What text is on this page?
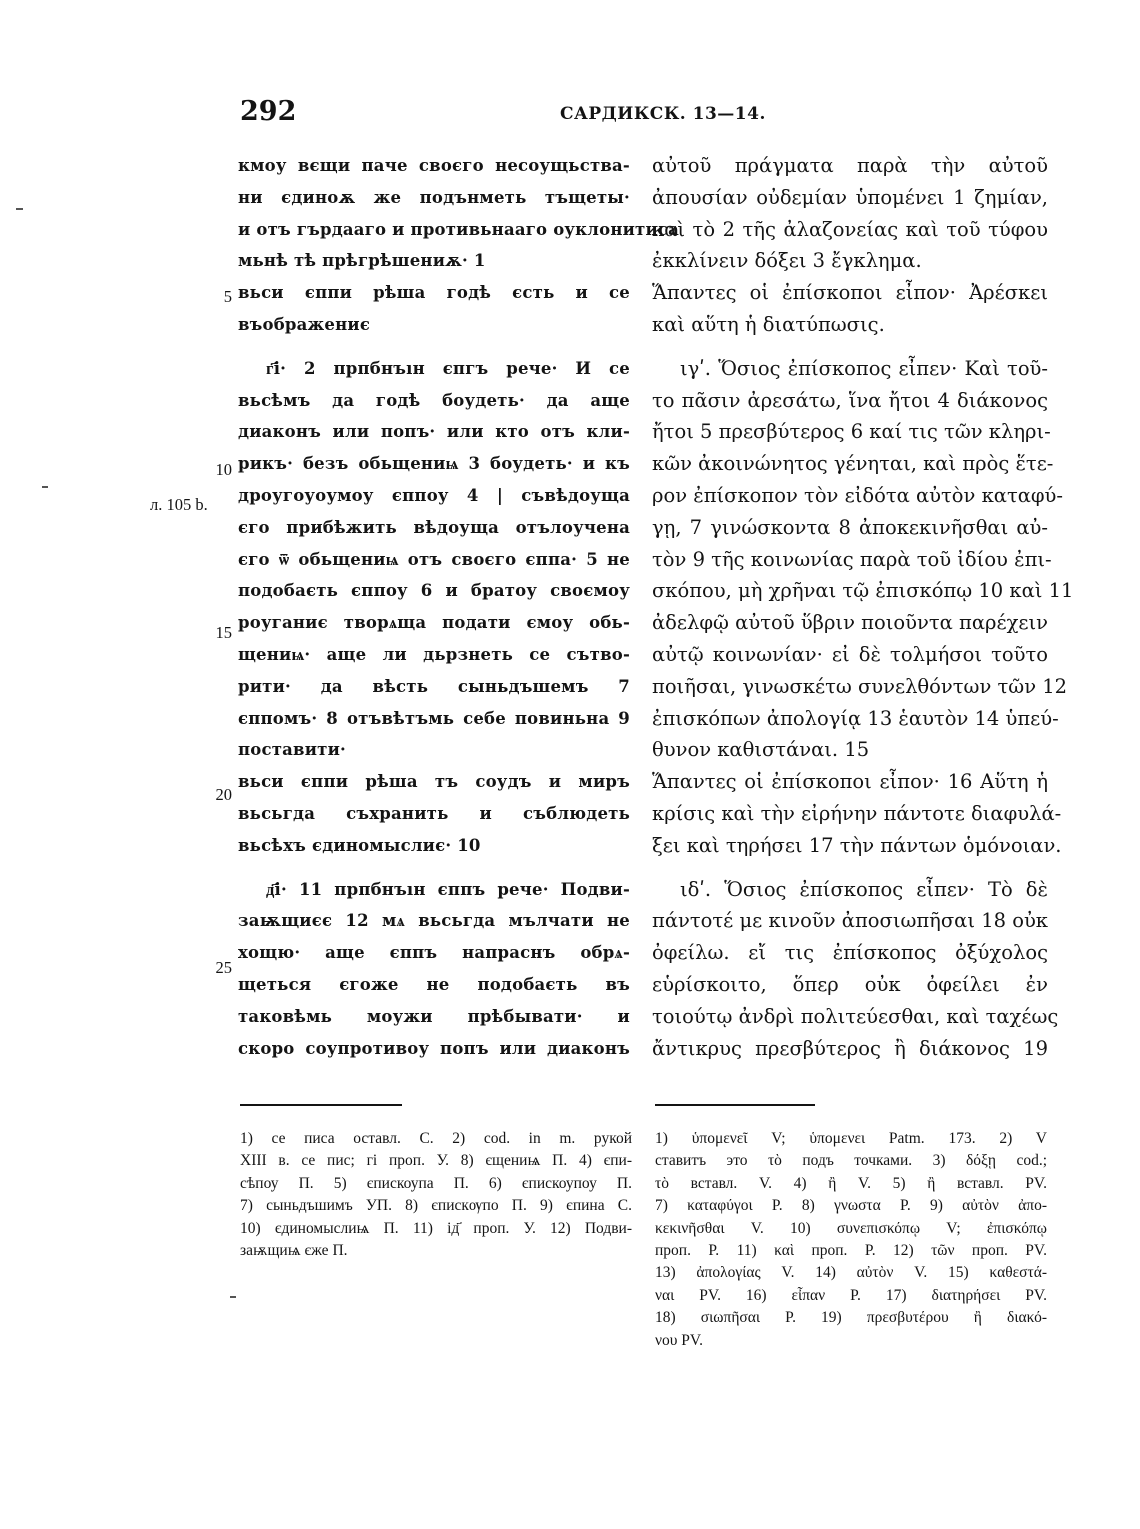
292	САРДИКСК. 13—14.
5
10
15
20
25
л. 105 b.
кмоу вєщи паче своєго несоущьства-
ни єдиноѫ же подънметь тъщеты·
и отъ гърдааго и противьнааго оуклонитиса
мьнѣ тѣ прѣгрѣшениѫ· 1
вьси єппи рѣша годѣ єсть и се
въображениє
г҃і· 2 прпбнъıн єпгъ рече· И се
вьсѣмъ да годѣ боудеть· да аще
диаконъ или попъ· или кто отъ кли-
рикъ· безъ обьщениѩ 3 боудеть· и къ
дроугоуоумоу єппоу 4 | съвѣдоуща
єго прибѣжить вѣдоуща отълоучена
єго ѿ обьщениѩ отъ своєго єппа· 5 не
подобаєть єппоу 6 и братоу своємоу
роуганиє творѧща подати ємоу обь-
щениѩ· аще ли дьрзнеть се сътво-
рити· да вѣсть сыньдъшемъ 7
єппомъ· 8 отъвѣтъмь себе повиньна 9
поставити·
вьси єппи рѣша тъ соудъ и миръ
вьсьгда съхранить и съблюдеть
вьсѣхъ єдиномыслиє· 10
д҃і· 11 прпбнъıн єппъ рече· Подви-
заѭщиєє 12 мѧ вьсьгда мълчати не
хощю· аще єппъ напраснъ обрѧ-
щеться єгоже не подобаєть въ
таковѣмь моужи прѣбывати· и
скоро соупротивоу попъ или диаконъ
αὐτοῦ πράγματα παρὰ τὴν αὐτοῦ
ἀπουσίαν οὐδεμίαν ὑπομένει 1 ζημίαν,
καὶ τὸ 2 τῆς ἀλαζονείας καὶ τοῦ τύφου
ἐκκλίνειν δόξει 3 ἔγκλημα.
Ἅπαντες οἱ ἐπίσκοποι εἶπον· Ἀρέσκει
καὶ αὕτη ἡ διατύπωσις.
ιγʹ. Ὅσιος ἐπίσκοπος εἶπεν· Καὶ τοῦ-
το πᾶσιν ἀρεσάτω, ἵνα ἤτοι 4 διάκονος
ἤτοι 5 πρεσβύτερος 6 καί τις τῶν κληρι-
κῶν ἀκοινώνητος γένηται, καὶ πρὸς ἕτε-
ρον ἐπίσκοπον τὸν εἰδότα αὐτὸν καταφύ-
γῃ, 7 γινώσκοντα 8 ἀποκεκινῆσθαι αὐ-
τὸν 9 τῆς κοινωνίας παρὰ τοῦ ἰδίου ἐπι-
σκόπου, μὴ χρῆναι τῷ ἐπισκόπῳ 10 καὶ 11
ἀδελφῷ αὐτοῦ ὕβριν ποιοῦντα παρέχειν
αὐτῷ κοινωνίαν· εἰ δὲ τολμήσοι τοῦτο
ποιῆσαι, γινωσκέτω συνελθόντων τῶν 12
ἐπισκόπων ἀπολογίᾳ 13 ἑαυτὸν 14 ὑπεύ-
θυνον καθιστάναι. 15
Ἅπαντες οἱ ἐπίσκοποι εἶπον· 16 Αὕτη ἡ
κρίσις καὶ τὴν εἰρήνην πάντοτε διαφυλά-
ξει καὶ τηρήσει 17 τὴν πάντων ὁμόνοιαν.
ιδʹ. Ὅσιος ἐπίσκοπος εἶπεν· Τὸ δὲ
πάντοτέ με κινοῦν ἀποσιωπῆσαι 18 οὐκ
ὀφείλω. εἴ τις ἐπίσκοπος ὀξύχολος
εὑρίσκοιτο, ὅπερ οὐκ ὀφείλει ἐν
τοιούτῳ ἀνδρὶ πολιτεύεσθαι, καὶ ταχέως
ἄντικρυς πρεσβύτερος ἢ διάκονος 19
1) се писа оставл. С. 2) cod. in m. рукой
XIII в. се пис; гі проп. У. 8) єщениѩ П. 4) єпи-
сѣпоу П. 5) єпискоупа П. 6) єпискоупоу П.
7) сыньдъшимъ УП. 8) єпискѹпо П. 9) єпина С.
10) єдиномыслиѩ П. 11) ід҃ проп. У. 12) Подви-
заѭщиѩ єже П.
1) ὑπομενεῖ V; ὑπομενει Patm. 173. 2) V
ставитъ это τὸ подъ точками. 3) δόξῃ cod.;
τὸ вставл. V. 4) ἢ V. 5) ἢ вставл. PV.
7) καταφύγοι P. 8) γνωστα P. 9) αὐτὸν ἀπο-
κεκινῆσθαι V. 10) συνεπισκόπῳ V; ἐπισκόπῳ
проп. P. 11) καὶ проп. P. 12) τῶν проп. PV.
13) ἀπολογίας V. 14) αὐτὸν V. 15) καθεστά-
ναι PV. 16) εἶπαν P. 17) διατηρήσει PV.
18) σιωπῆσαι P. 19) πρεσβυτέρου ἢ διακό-
νου PV.
